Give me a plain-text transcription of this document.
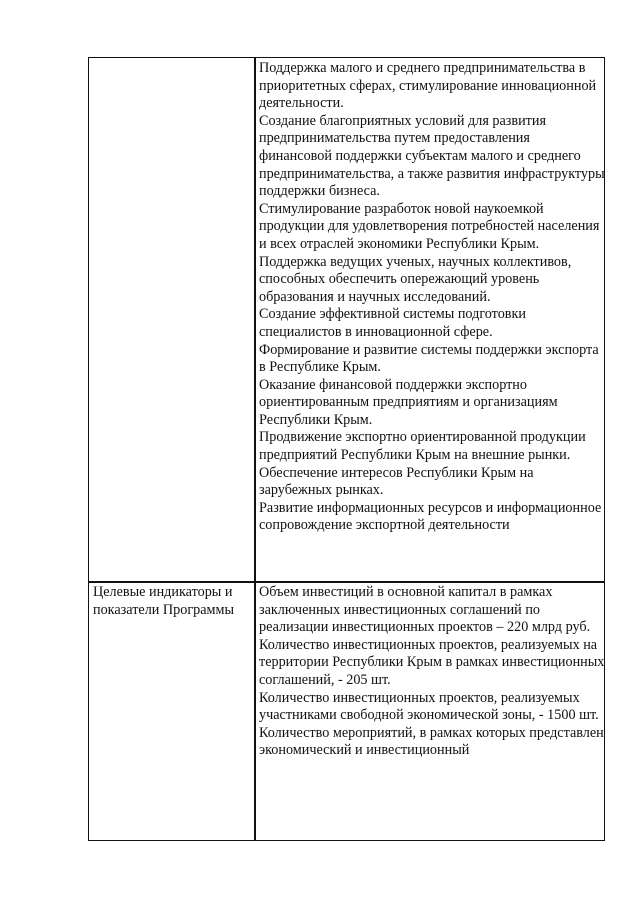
Поддержка малого и среднего предпринимательства в приоритетных сферах, стимулирование инновационной деятельности.

Создание благоприятных условий для развития предпринимательства путем предоставления финансовой поддержки субъектам малого и среднего предпринимательства, а также развития инфраструктуры поддержки бизнеса.

Стимулирование разработок новой наукоемкой продукции для удовлетворения потребностей населения и всех отраслей экономики Республики Крым.

Поддержка ведущих ученых, научных коллективов, способных обеспечить опережающий уровень образования и научных исследований.

Создание эффективной системы подготовки специалистов в инновационной сфере.

Формирование и развитие системы поддержки экспорта в Республике Крым.

Оказание финансовой поддержки экспортно ориентированным предприятиям и организациям Республики Крым.

Продвижение экспортно ориентированной продукции предприятий Республики Крым на внешние рынки.

Обеспечение интересов Республики Крым на зарубежных рынках.

Развитие информационных ресурсов и информационное сопровождение экспортной деятельности

Целевые индикаторы и показатели Программы

Объем инвестиций в основной капитал в рамках заключенных инвестиционных соглашений по реализации инвестиционных проектов – 220 млрд руб.

Количество инвестиционных проектов, реализуемых на территории Республики Крым в рамках инвестиционных соглашений, - 205 шт.

Количество инвестиционных проектов, реализуемых участниками свободной экономической зоны, - 1500 шт.

Количество мероприятий, в рамках которых представлен экономический и инвестиционный
